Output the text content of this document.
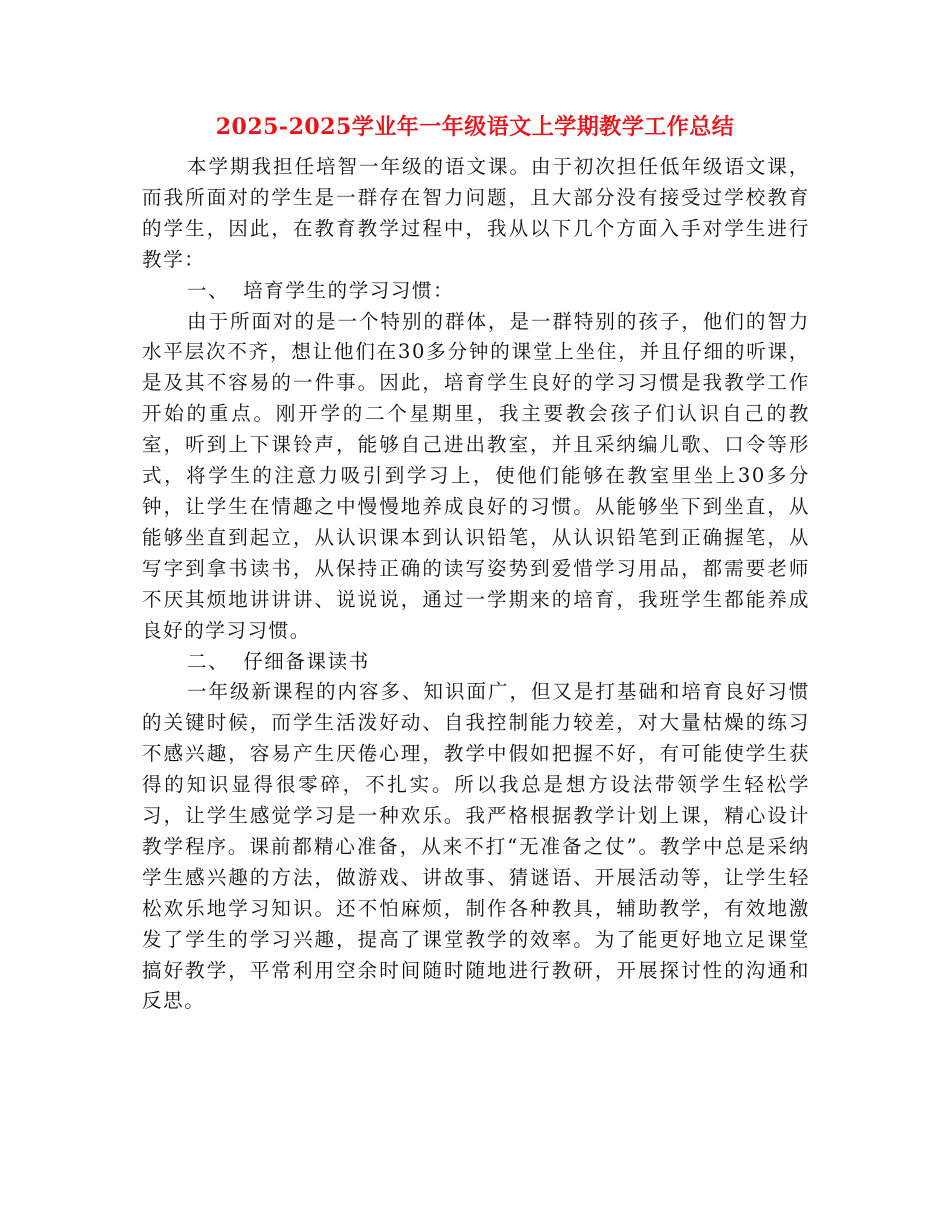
2025-2025学业年一年级语文上学期教学工作总结

本学期我担任培智一年级的语文课。由于初次担任低年级语文课，而我所面对的学生是一群存在智力问题，且大部分没有接受过学校教育的学生，因此，在教育教学过程中，我从以下几个方面入手对学生进行教学：

一、 培育学生的学习习惯：

由于所面对的是一个特别的群体，是一群特别的孩子，他们的智力水平层次不齐，想让他们在30多分钟的课堂上坐住，并且仔细的听课，是及其不容易的一件事。因此，培育学生良好的学习习惯是我教学工作开始的重点。刚开学的二个星期里，我主要教会孩子们认识自己的教室，听到上下课铃声，能够自己进出教室，并且采纳编儿歌、口令等形式，将学生的注意力吸引到学习上，使他们能够在教室里坐上30多分钟，让学生在情趣之中慢慢地养成良好的习惯。从能够坐下到坐直，从能够坐直到起立，从认识课本到认识铅笔，从认识铅笔到正确握笔，从写字到拿书读书，从保持正确的读写姿势到爱惜学习用品，都需要老师不厌其烦地讲讲讲、说说说，通过一学期来的培育，我班学生都能养成良好的学习习惯。

二、 仔细备课读书

一年级新课程的内容多、知识面广，但又是打基础和培育良好习惯的关键时候，而学生活泼好动、自我控制能力较差，对大量枯燥的练习不感兴趣，容易产生厌倦心理，教学中假如把握不好，有可能使学生获得的知识显得很零碎，不扎实。所以我总是想方设法带领学生轻松学习，让学生感觉学习是一种欢乐。我严格根据教学计划上课，精心设计教学程序。课前都精心准备，从来不打“无准备之仗”。教学中总是采纳学生感兴趣的方法，做游戏、讲故事、猜谜语、开展活动等，让学生轻松欢乐地学习知识。还不怕麻烦，制作各种教具，辅助教学，有效地激发了学生的学习兴趣，提高了课堂教学的效率。为了能更好地立足课堂搞好教学，平常利用空余时间随时随地进行教研，开展探讨性的沟通和反思。
